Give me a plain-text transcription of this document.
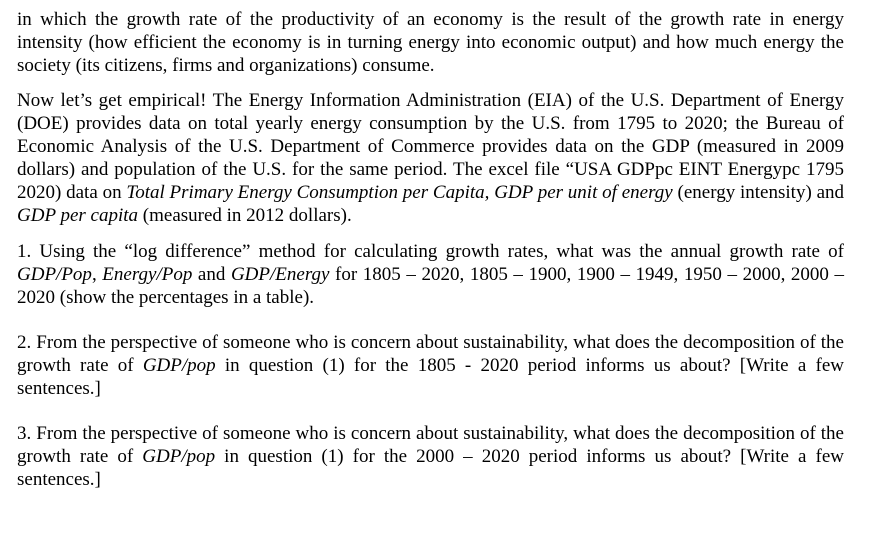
in which the growth rate of the productivity of an economy is the result of the growth rate in energy intensity (how efficient the economy is in turning energy into economic output) and how much energy the society (its citizens, firms and organizations) consume.

Now let’s get empirical! The Energy Information Administration (EIA) of the U.S. Department of Energy (DOE) provides data on total yearly energy consumption by the U.S. from 1795 to 2020; the Bureau of Economic Analysis of the U.S. Department of Commerce provides data on the GDP (measured in 2009 dollars) and population of the U.S. for the same period. The excel file “USA GDPpc EINT Energypc 1795 2020) data on Total Primary Energy Consumption per Capita, GDP per unit of energy (energy intensity) and GDP per capita (measured in 2012 dollars).

1. Using the “log difference” method for calculating growth rates, what was the annual growth rate of GDP/Pop, Energy/Pop and GDP/Energy for 1805 – 2020, 1805 – 1900, 1900 – 1949, 1950 – 2000, 2000 – 2020 (show the percentages in a table).

2. From the perspective of someone who is concern about sustainability, what does the decomposition of the growth rate of GDP/pop in question (1) for the 1805 - 2020 period informs us about? [Write a few sentences.]

3. From the perspective of someone who is concern about sustainability, what does the decomposition of the growth rate of GDP/pop in question (1) for the 2000 – 2020 period informs us about? [Write a few sentences.]
